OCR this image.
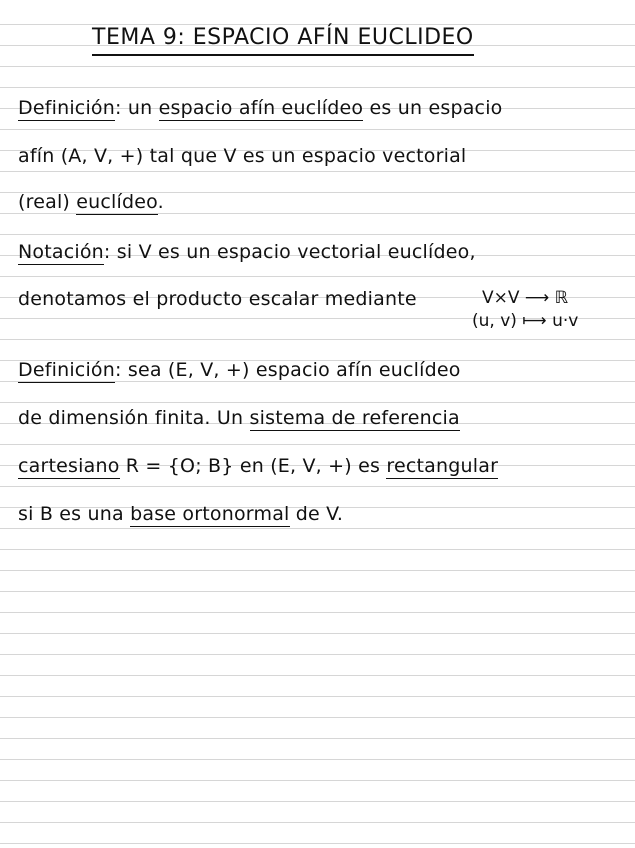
TEMA 9: ESPACIO AFÍN EUCLIDEO
Definición: un espacio afín euclídeo es un espacio
afín (A, V, +) tal que V es un espacio vectorial
(real) euclídeo.
Notación: si V es un espacio vectorial euclídeo,
denotamos el producto escalar mediante	V×V ⟶ ℝ
(u, v) ⟼ u·v
Definición: sea (E, V, +) espacio afín euclídeo
de dimensión finita. Un sistema de referencia
cartesiano R = {O; B} en (E, V, +) es rectangular
si B es una base ortonormal de V.
